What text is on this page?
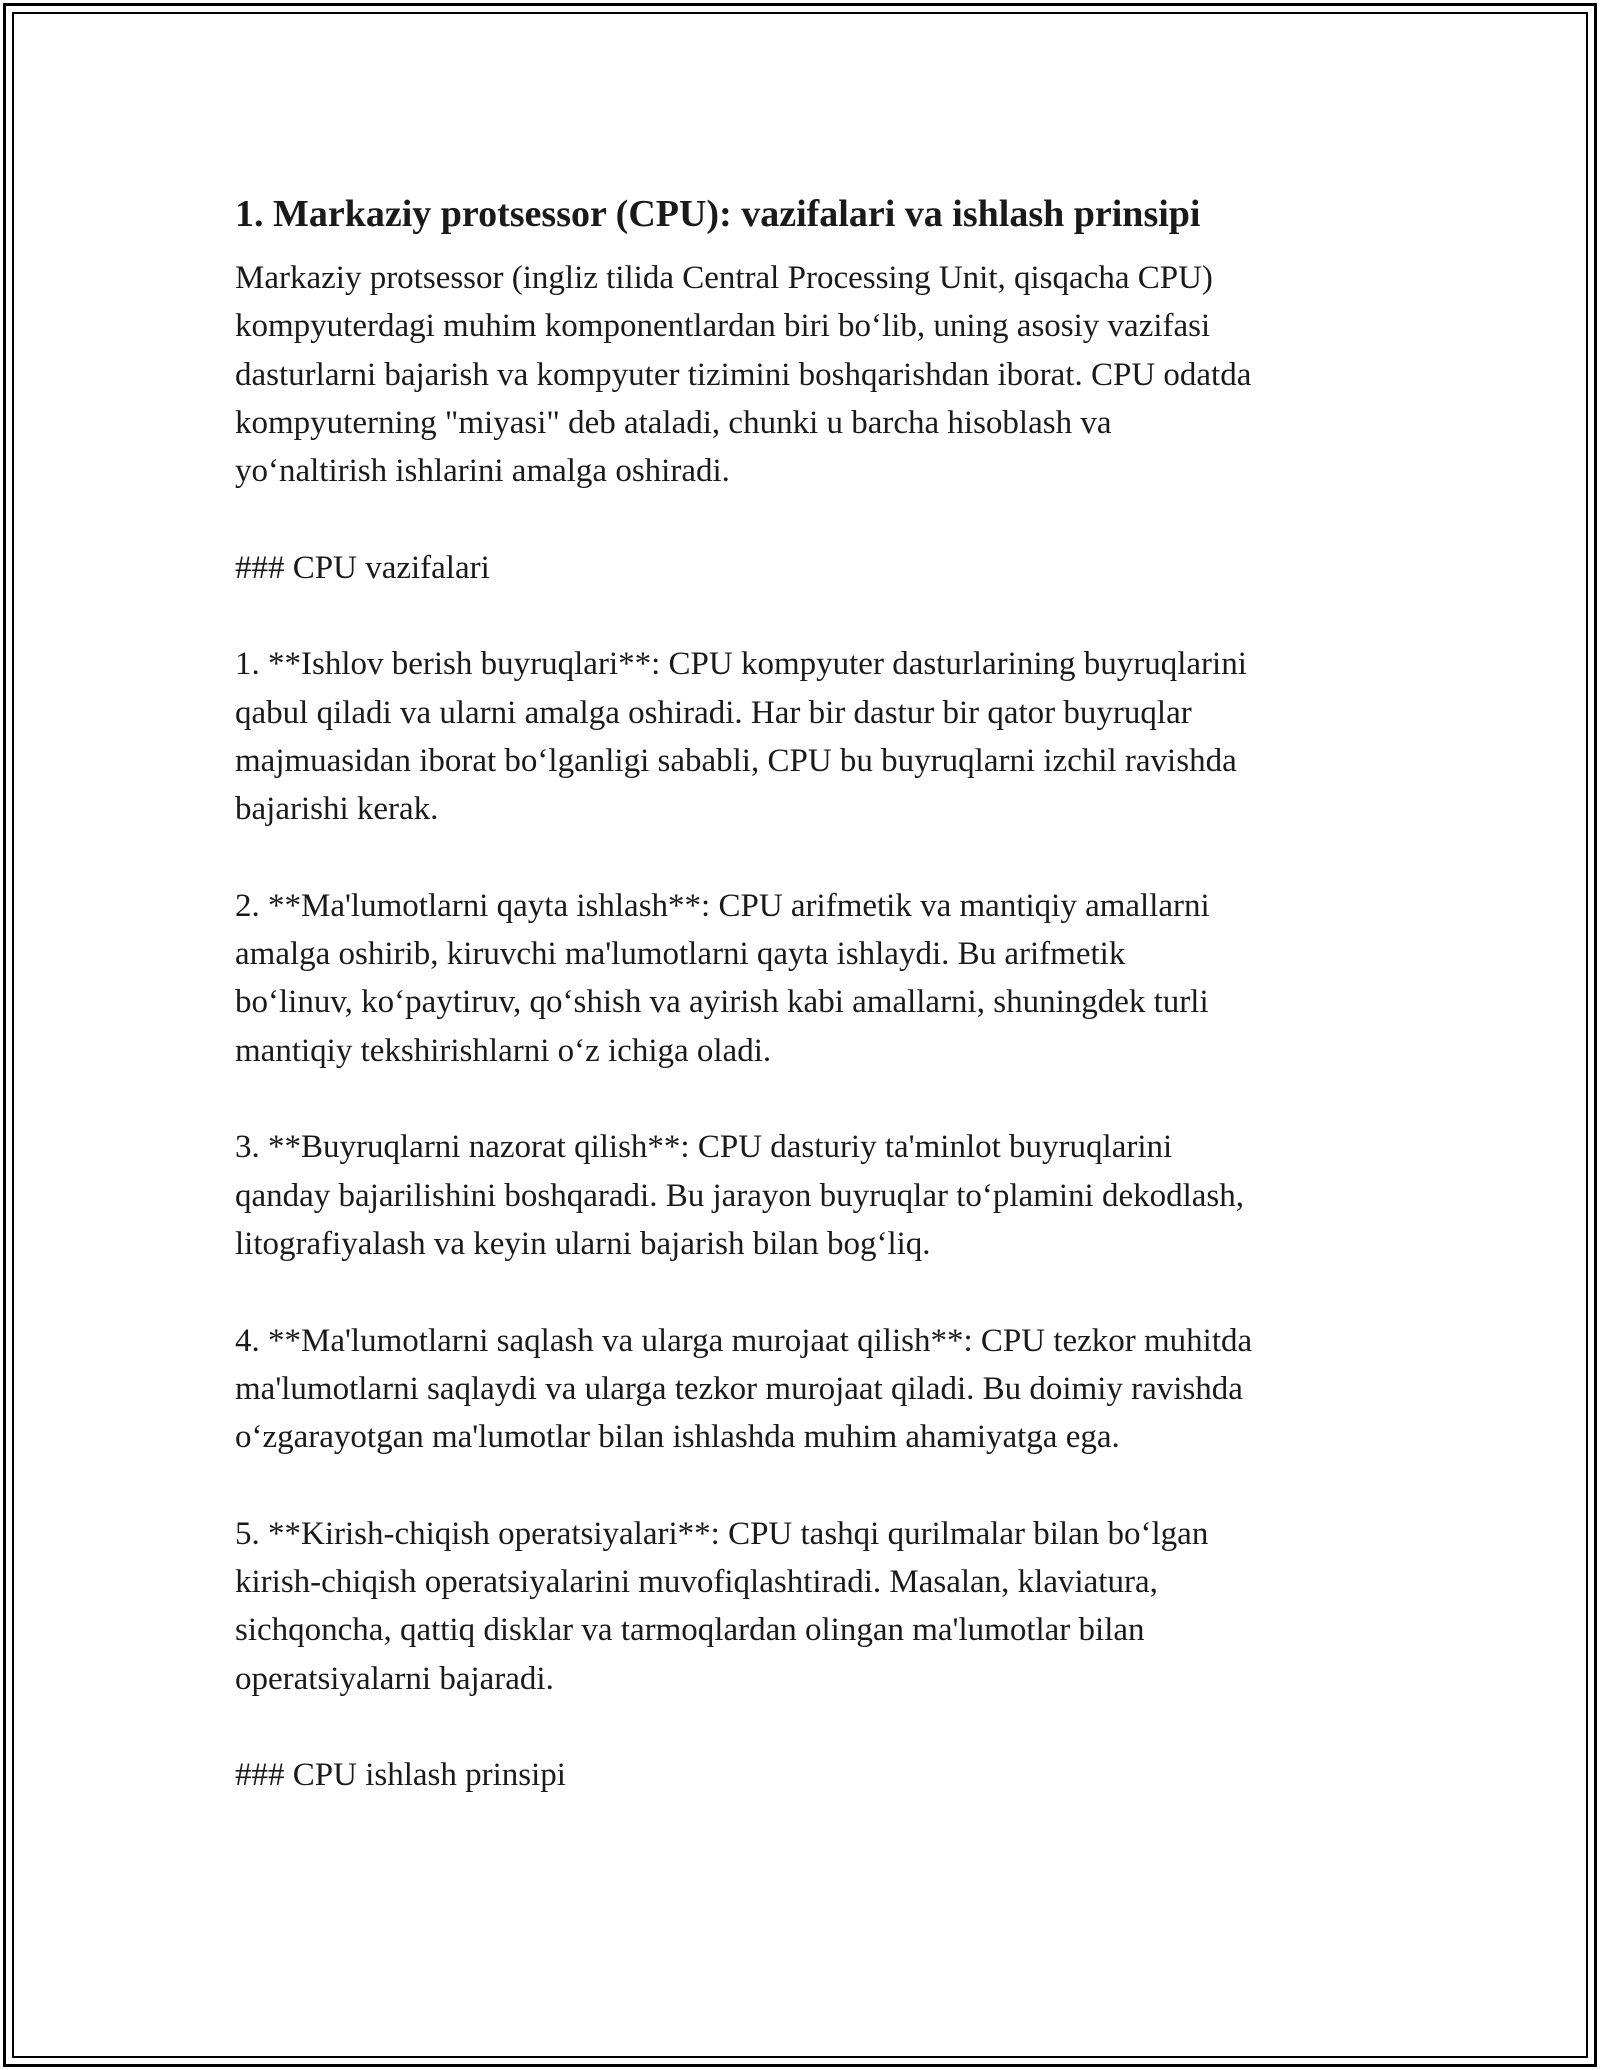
1. Markaziy protsessor (CPU): vazifalari va ishlash prinsipi

Markaziy protsessor (ingliz tilida Central Processing Unit, qisqacha CPU)
kompyuterdagi muhim komponentlardan biri bo‘lib, uning asosiy vazifasi
dasturlarni bajarish va kompyuter tizimini boshqarishdan iborat. CPU odatda
kompyuterning "miyasi" deb ataladi, chunki u barcha hisoblash va
yo‘naltirish ishlarini amalga oshiradi.

### CPU vazifalari

1. **Ishlov berish buyruqlari**: CPU kompyuter dasturlarining buyruqlarini
qabul qiladi va ularni amalga oshiradi. Har bir dastur bir qator buyruqlar
majmuasidan iborat bo‘lganligi sababli, CPU bu buyruqlarni izchil ravishda
bajarishi kerak.

2. **Ma'lumotlarni qayta ishlash**: CPU arifmetik va mantiqiy amallarni
amalga oshirib, kiruvchi ma'lumotlarni qayta ishlaydi. Bu arifmetik
bo‘linuv, ko‘paytiruv, qo‘shish va ayirish kabi amallarni, shuningdek turli
mantiqiy tekshirishlarni o‘z ichiga oladi.

3. **Buyruqlarni nazorat qilish**: CPU dasturiy ta'minlot buyruqlarini
qanday bajarilishini boshqaradi. Bu jarayon buyruqlar to‘plamini dekodlash,
litografiyalash va keyin ularni bajarish bilan bog‘liq.

4. **Ma'lumotlarni saqlash va ularga murojaat qilish**: CPU tezkor muhitda
ma'lumotlarni saqlaydi va ularga tezkor murojaat qiladi. Bu doimiy ravishda
o‘zgarayotgan ma'lumotlar bilan ishlashda muhim ahamiyatga ega.

5. **Kirish-chiqish operatsiyalari**: CPU tashqi qurilmalar bilan bo‘lgan
kirish-chiqish operatsiyalarini muvofiqlashtiradi. Masalan, klaviatura,
sichqoncha, qattiq disklar va tarmoqlardan olingan ma'lumotlar bilan
operatsiyalarni bajaradi.

### CPU ishlash prinsipi
